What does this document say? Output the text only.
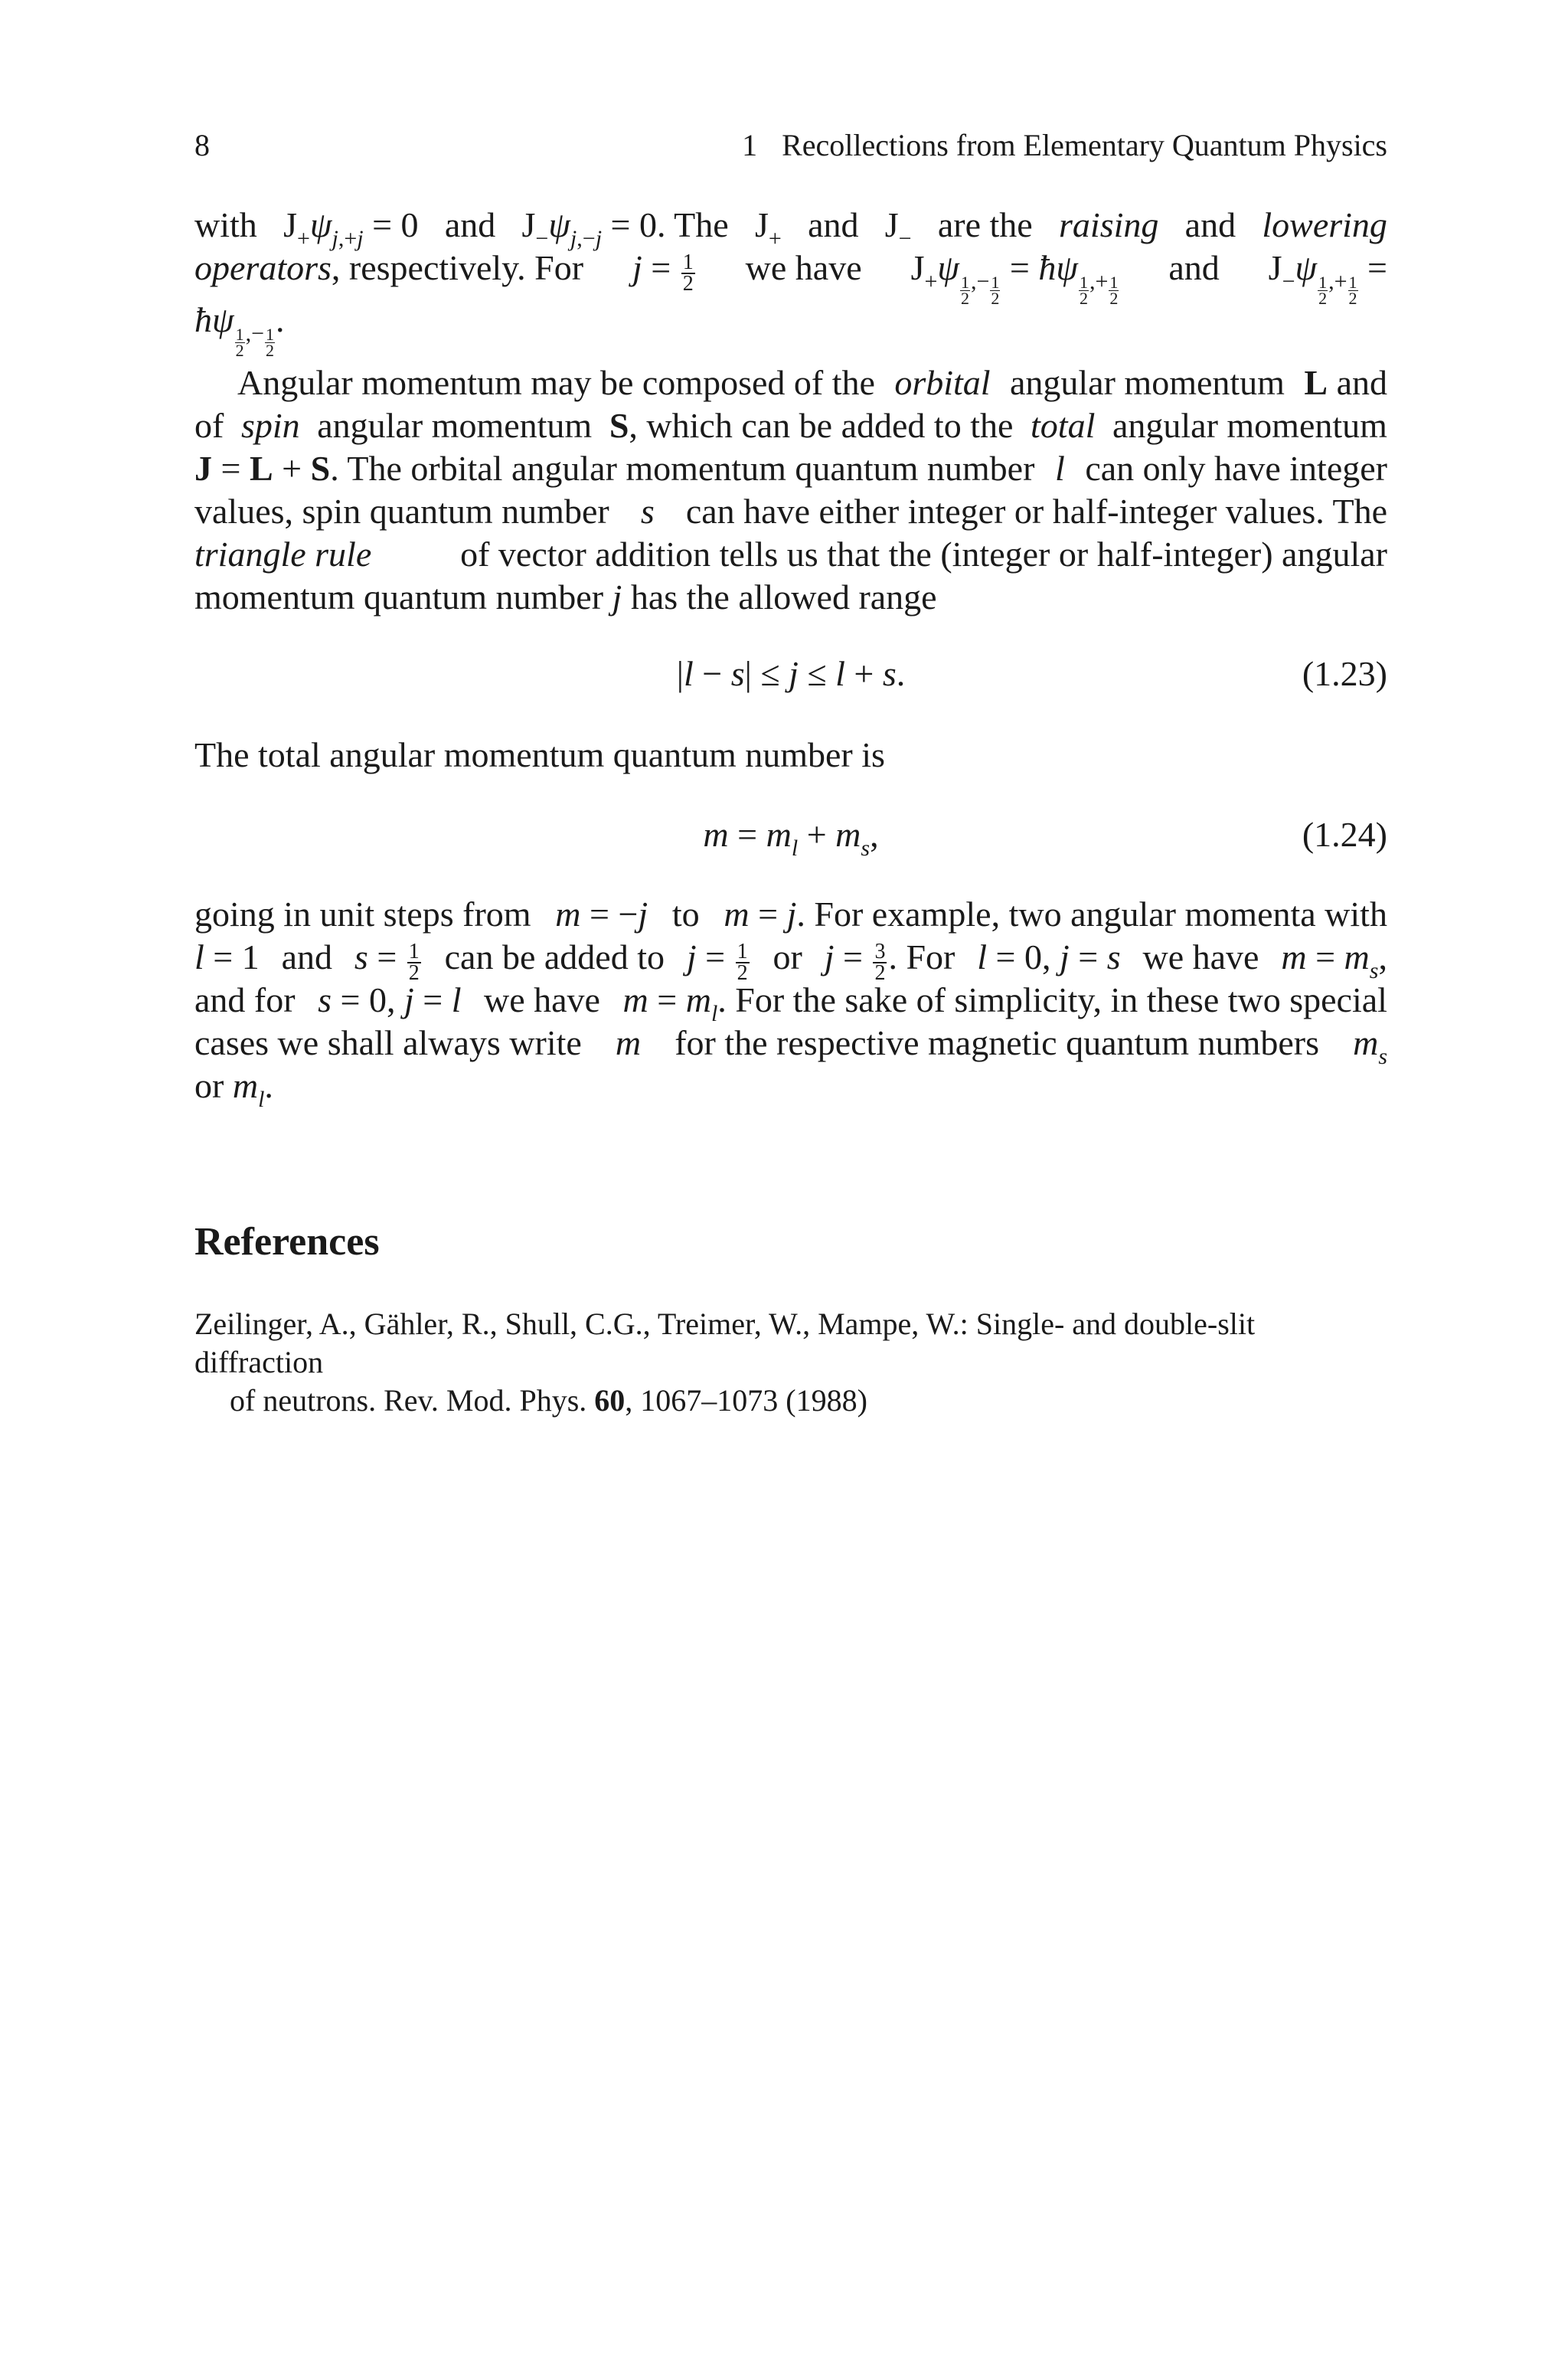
8	1 Recollections from Elementary Quantum Physics
with $J_+\psi_{j,+j} = 0$ and $J_-\psi_{j,-j} = 0$. The $J_+$ and $J_-$ are the raising and lowering
operators, respectively. For $j = \frac{1}{2}$ we have $J_+\psi$
$_{\frac{1}{2} ,- \frac{1}{2}}$
= ħψ
$_{\frac{1}{2} ,+ \frac{1}{2}}$
and $J_-\psi$
$_{\frac{1}{2} ,+ \frac{1}{2}}$
=
ħψ
$_{\frac{1}{2} ,- \frac{1}{2}}$
.
Angular momentum may be composed of the orbital angular momentum L and
of spin angular momentum S, which can be added to the total angular momentum
J = L + S. The orbital angular momentum quantum number l can only have integer
values, spin quantum number s can have either integer or half-integer values. The
triangle rule	of vector addition tells us that the (integer or half-integer) angular
momentum quantum number j has the allowed range
|l − s| ≤ j ≤ l + s.	(1.23)
The total angular momentum quantum number is
$m = m_l + m_s$,	(1.24)
going in unit steps from m = −j to m = j. For example, two angular momenta with
l = 1 and $s = \frac{1}{2}$ can be added to $j = \frac{1}{2}$ or $j = \frac{3}{2}$ . For l = 0, j = s we have $m = m_s$,
and for s = 0, j = l we have $m = m_l$. For the sake of simplicity, in these two special
cases we shall always write m for the respective magnetic quantum numbers $m_s$
or $m_l$.
References
Zeilinger, A., Gähler, R., Shull, C.G., Treimer, W., Mampe, W.: Single- and double-slit diffraction
of neutrons. Rev. Mod. Phys. 60, 1067–1073 (1988)
